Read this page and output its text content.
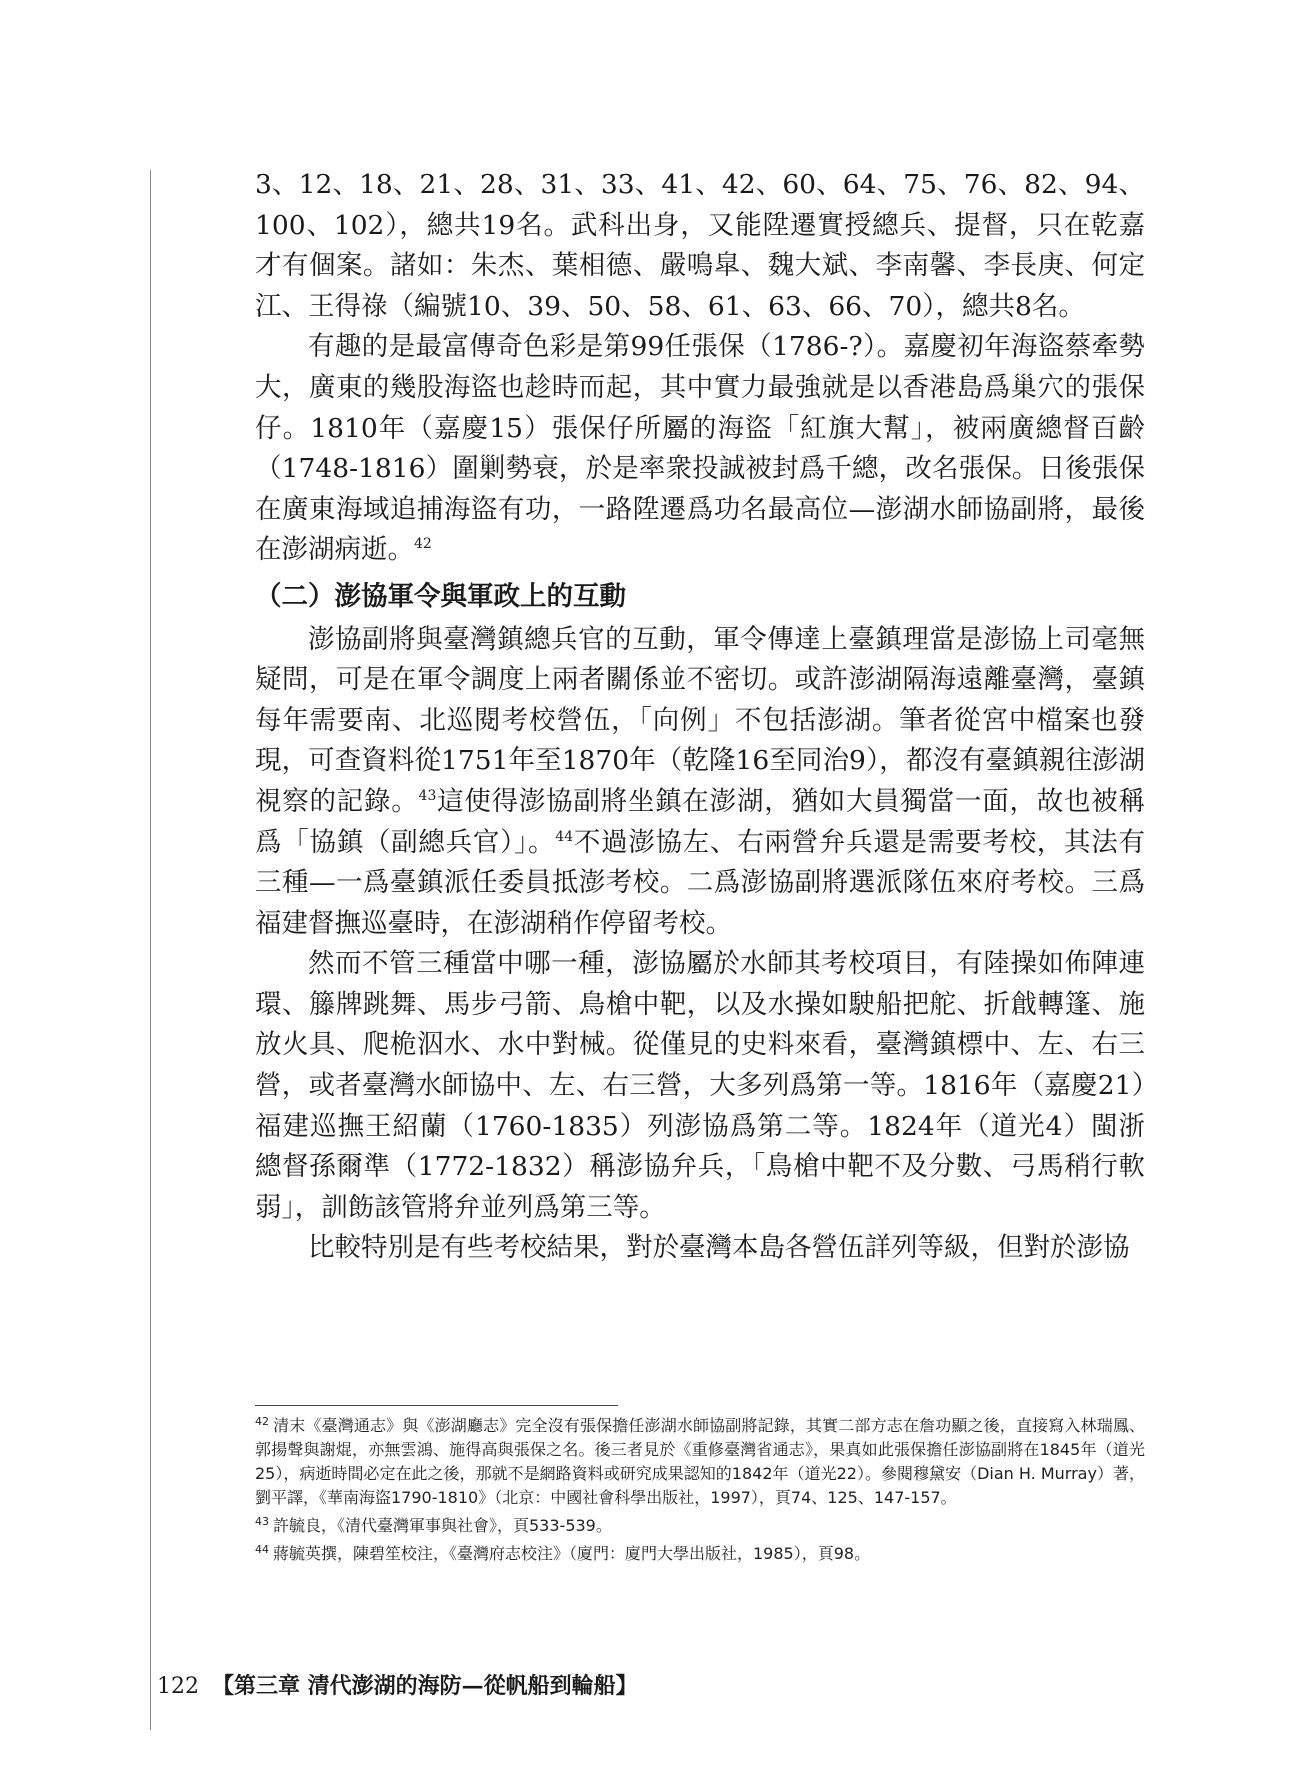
3、12、18、21、28、31、33、41、42、60、64、75、76、82、94、100、102），總共19名。武科出身，又能陞遷實授總兵、提督，只在乾嘉才有個案。諸如：朱杰、葉相德、嚴鳴皐、魏大斌、李南馨、李長庚、何定江、王得祿（編號10、39、50、58、61、63、66、70），總共8名。

有趣的是最富傳奇色彩是第99任張保（1786-?）。嘉慶初年海盜蔡牽勢大，廣東的幾股海盜也趁時而起，其中實力最強就是以香港島爲巢穴的張保仔。1810年（嘉慶15）張保仔所屬的海盜「紅旗大幫」，被兩廣總督百齡（1748-1816）圍剿勢衰，於是率衆投誠被封爲千總，改名張保。日後張保在廣東海域追捕海盜有功，一路陞遷爲功名最高位—澎湖水師協副將，最後在澎湖病逝。$^{42}$

（二）澎協軍令與軍政上的互動

澎協副將與臺灣鎮總兵官的互動，軍令傳達上臺鎮理當是澎協上司毫無疑問，可是在軍令調度上兩者關係並不密切。或許澎湖隔海遠離臺灣，臺鎮每年需要南、北巡閱考校營伍，「向例」不包括澎湖。筆者從宮中檔案也發現，可查資料從1751年至1870年（乾隆16至同治9），都沒有臺鎮親往澎湖視察的記錄。$^{43}$這使得澎協副將坐鎮在澎湖，猶如大員獨當一面，故也被稱爲「協鎮（副總兵官）」。$^{44}$不過澎協左、右兩營弁兵還是需要考校，其法有三種—一爲臺鎮派任委員抵澎考校。二爲澎協副將選派隊伍來府考校。三爲福建督撫巡臺時，在澎湖稍作停留考校。

然而不管三種當中哪一種，澎協屬於水師其考校項目，有陸操如佈陣連環、籐牌跳舞、馬步弓箭、鳥槍中靶，以及水操如駛船把舵、折戧轉篷、施放火具、爬桅泅水、水中對械。從僅見的史料來看，臺灣鎮標中、左、右三營，或者臺灣水師協中、左、右三營，大多列爲第一等。1816年（嘉慶21）福建巡撫王紹蘭（1760-1835）列澎協爲第二等。1824年（道光4）閩浙總督孫爾準（1772-1832）稱澎協弁兵，「鳥槍中靶不及分數、弓馬稍行軟弱」，訓飭該管將弁並列爲第三等。

比較特別是有些考校結果，對於臺灣本島各營伍詳列等級，但對於澎協

$^{42}$ 清末《臺灣通志》與《澎湖廳志》完全沒有張保擔任澎湖水師協副將記錄，其實二部方志在詹功顯之後，直接寫入林瑞鳳、郭揚聲與謝焜，亦無雲鴻、施得高與張保之名。後三者見於《重修臺灣省通志》，果真如此張保擔任澎協副將在1845年（道光25），病逝時間必定在此之後，那就不是網路資料或研究成果認知的1842年（道光22）。參閱穆黛安（Dian H. Murray）著，劉平譯，《華南海盜1790-1810》（北京：中國社會科學出版社，1997），頁74、125、147-157。

$^{43}$ 許毓良，《清代臺灣軍事與社會》，頁533-539。

$^{44}$ 蔣毓英撰，陳碧笙校注，《臺灣府志校注》（廈門：廈門大學出版社，1985），頁98。

122 【第三章 清代澎湖的海防—從帆船到輪船】
